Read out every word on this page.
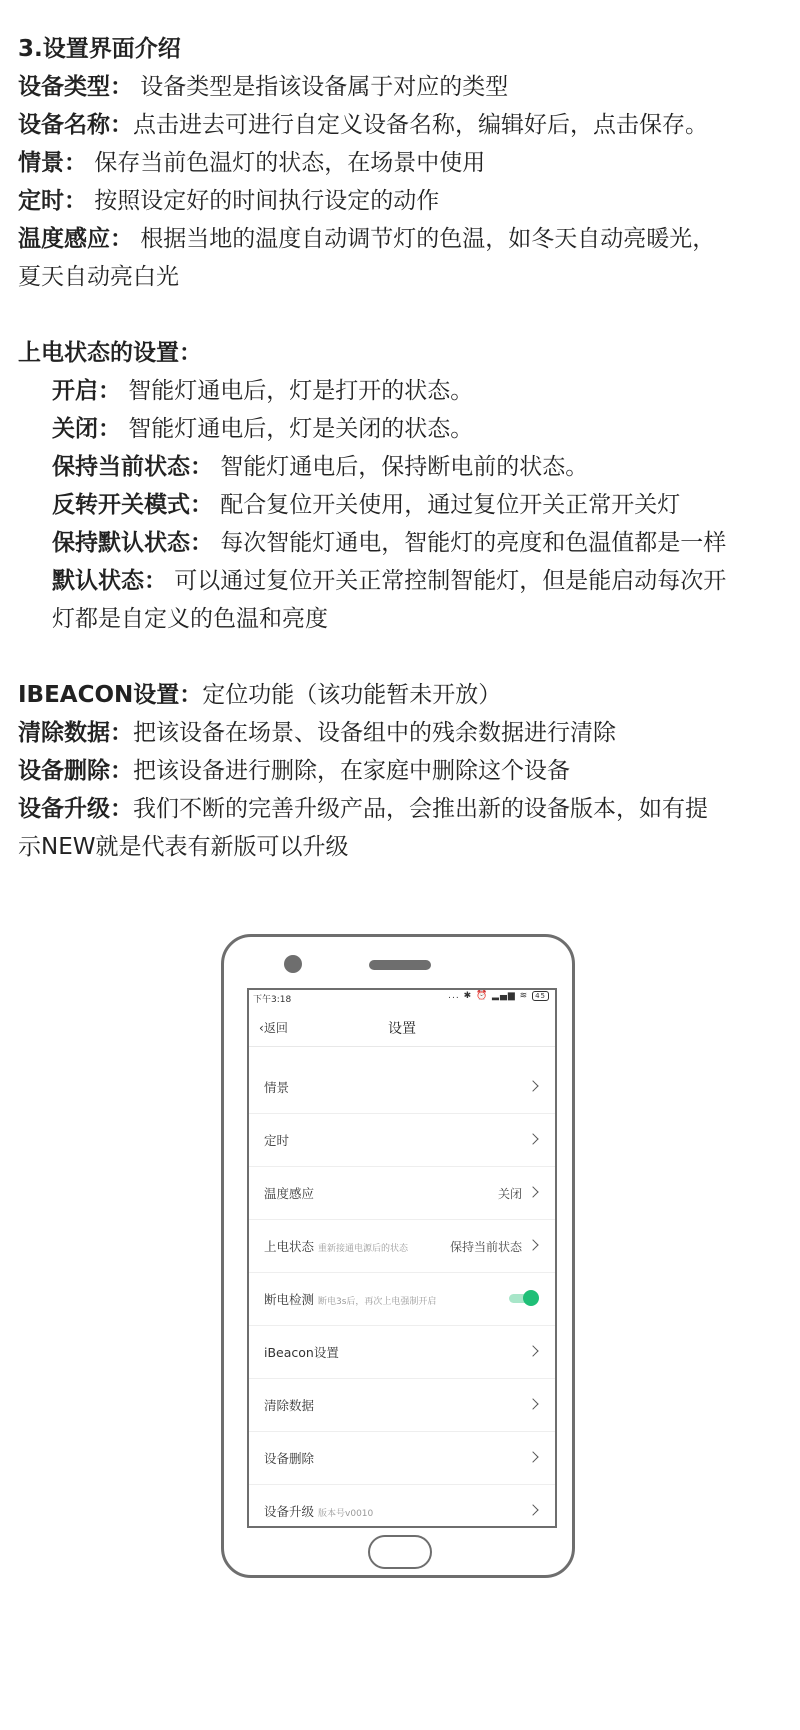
3.设置界面介绍
设备类型： 设备类型是指该设备属于对应的类型
设备名称：点击进去可进行自定义设备名称，编辑好后，点击保存。
情景： 保存当前色温灯的状态，在场景中使用
定时： 按照设定好的时间执行设定的动作
温度感应： 根据当地的温度自动调节灯的色温，如冬天自动亮暖光，
夏天自动亮白光
上电状态的设置：
开启： 智能灯通电后，灯是打开的状态。
关闭： 智能灯通电后，灯是关闭的状态。
保持当前状态： 智能灯通电后，保持断电前的状态。
反转开关模式： 配合复位开关使用，通过复位开关正常开关灯
保持默认状态： 每次智能灯通电，智能灯的亮度和色温值都是一样
默认状态： 可以通过复位开关正常控制智能灯，但是能启动每次开
灯都是自定义的色温和亮度
IBEACON设置：定位功能（该功能暂未开放）
清除数据：把该设备在场景、设备组中的残余数据进行清除
设备删除：把该设备进行删除，在家庭中删除这个设备
设备升级：我们不断的完善升级产品，会推出新的设备版本，如有提
示NEW就是代表有新版可以升级
下午3:18	... ✱ ⏰ ▂▄▆ ≋ 45
‹返回	设置
情景
定时
温度感应	关闭
上电状态 重新接通电源后的状态	保持当前状态
断电检测 断电3s后，再次上电强制开启
iBeacon设置
清除数据
设备删除
设备升级 版本号v0010
